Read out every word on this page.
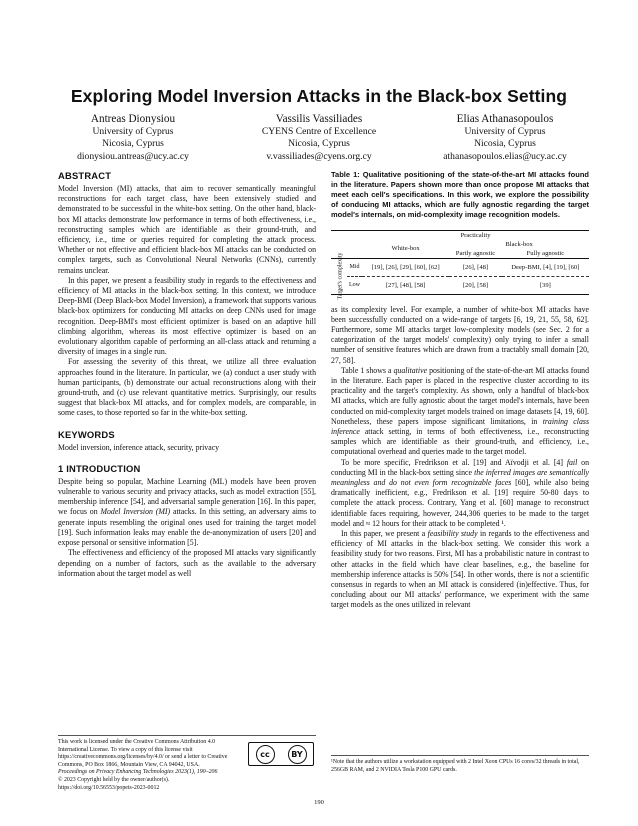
Exploring Model Inversion Attacks in the Black-box Setting
Antreas Dionysiou
University of Cyprus
Nicosia, Cyprus
dionysiou.antreas@ucy.ac.cy
Vassilis Vassiliades
CYENS Centre of Excellence
Nicosia, Cyprus
v.vassiliades@cyens.org.cy
Elias Athanasopoulos
University of Cyprus
Nicosia, Cyprus
athanasopoulos.elias@ucy.ac.cy
ABSTRACT

Model Inversion (MI) attacks, that aim to recover semantically meaningful reconstructions for each target class, have been extensively studied and demonstrated to be successful in the white-box setting. On the other hand, black-box MI attacks demonstrate low performance in terms of both effectiveness, i.e., reconstructing samples which are identifiable as their ground-truth, and efficiency, i.e., time or queries required for completing the attack process. Whether or not effective and efficient black-box MI attacks can be conducted on complex targets, such as Convolutional Neural Networks (CNNs), currently remains unclear.

In this paper, we present a feasibility study in regards to the effectiveness and efficiency of MI attacks in the black-box setting. In this context, we introduce Deep-BMI (Deep Black-box Model Inversion), a framework that supports various black-box optimizers for conducting MI attacks on deep CNNs used for image recognition. Deep-BMI's most efficient optimizer is based on an adaptive hill climbing algorithm, whereas its most effective optimizer is based on an evolutionary algorithm capable of performing an all-class attack and returning a diversity of images in a single run.

For assessing the severity of this threat, we utilize all three evaluation approaches found in the literature. In particular, we (a) conduct a user study with human participants, (b) demonstrate our actual reconstructions along with their ground-truth, and (c) use relevant quantitative metrics. Surprisingly, our results suggest that black-box MI attacks, and for complex models, are comparable, in some cases, to those reported so far in the white-box setting.

KEYWORDS

Model inversion, inference attack, security, privacy

1 INTRODUCTION

Despite being so popular, Machine Learning (ML) models have been proven vulnerable to various security and privacy attacks, such as model extraction [55], membership inference [54], and adversarial sample generation [16]. In this paper, we focus on Model Inversion (MI) attacks. In this setting, an adversary aims to generate inputs resembling the original ones used for training the target model [19]. Such information leaks may enable the de-anonymization of users [20] and expose personal or sensitive information [5].

The effectiveness and efficiency of the proposed MI attacks vary significantly depending on a number of factors, such as the available to the adversary information about the target model as well

This work is licensed under the Creative Commons Attribution 4.0 International License. To view a copy of this license visit https://creativecommons.org/licenses/by/4.0/ or send a letter to Creative Commons, PO Box 1866, Mountain View, CA 94042, USA.
Proceedings on Privacy Enhancing Technologies 2023(1), 190–206
© 2023 Copyright held by the owner/author(s).
https://doi.org/10.56553/popets-2023-0012
cc	BY
Table 1: Qualitative positioning of the state-of-the-art MI attacks found in the literature. Papers shown more than once propose MI attacks that meet each cell's specifications. In this work, we explore the possibility of conducing MI attacks, which are fully agnostic regarding the target model's internals, on mid-complexity image recognition models.
		Practicality		
		White-box	Black-box	
			Partly agnostic	Fully agnostic

Target's complexity	Mid	[19], [26], [29], [60], [62]	[26], [48]	Deep-BMI, [4], [19], [60]
	Low	[27], [48], [58]	[20], [58]	[39]

as its complexity level. For example, a number of white-box MI attacks have been successfully conducted on a wide-range of targets [6, 19, 21, 55, 58, 62]. Furthermore, some MI attacks target low-complexity models (see Sec. 2 for a categorization of the target models' complexity) only trying to infer a small number of sensitive features which are drawn from a tractably small domain [20, 27, 58].

Table 1 shows a qualitative positioning of the state-of-the-art MI attacks found in the literature. Each paper is placed in the respective cluster according to its practicality and the target's complexity. As shown, only a handful of black-box MI attacks, which are fully agnostic about the target model's internals, have been conducted on mid-complexity target models trained on image datasets [4, 19, 60]. Nonetheless, these papers impose significant limitations, in training class inference attack setting, in terms of both effectiveness, i.e., reconstructing samples which are identifiable as their ground-truth, and efficiency, i.e., computational overhead and queries made to the target model.

To be more specific, Fredrikson et al. [19] and Aïvodji et al. [4] fail on conducting MI in the black-box setting since the inferred images are semantically meaningless and do not even form recognizable faces [60], while also being dramatically inefficient, e.g., Fredrikson et al. [19] require 50-80 days to complete the attack process. Contrary, Yang et al. [60] manage to reconstruct identifiable faces requiring, however, 244,306 queries to be made to the target model and ≈ 12 hours for their attack to be completed ¹.

In this paper, we present a feasibility study in regards to the effectiveness and efficiency of MI attacks in the black-box setting. We consider this work a feasibility study for two reasons. First, MI has a probabilistic nature in contrast to other attacks in the field which have clear baselines, e.g., the baseline for membership inference attacks is 50% [54]. In other words, there is not a scientific consensus in regards to when an MI attack is considered (in)effective. Thus, for concluding about our MI attacks' performance, we experiment with the same target models as the ones utilized in relevant

¹Note that the authors utilize a workstation equipped with 2 Intel Xeon CPUs 16 cores/32 threads in total, 256GB RAM, and 2 NVIDIA Tesla P100 GPU cards.
190
